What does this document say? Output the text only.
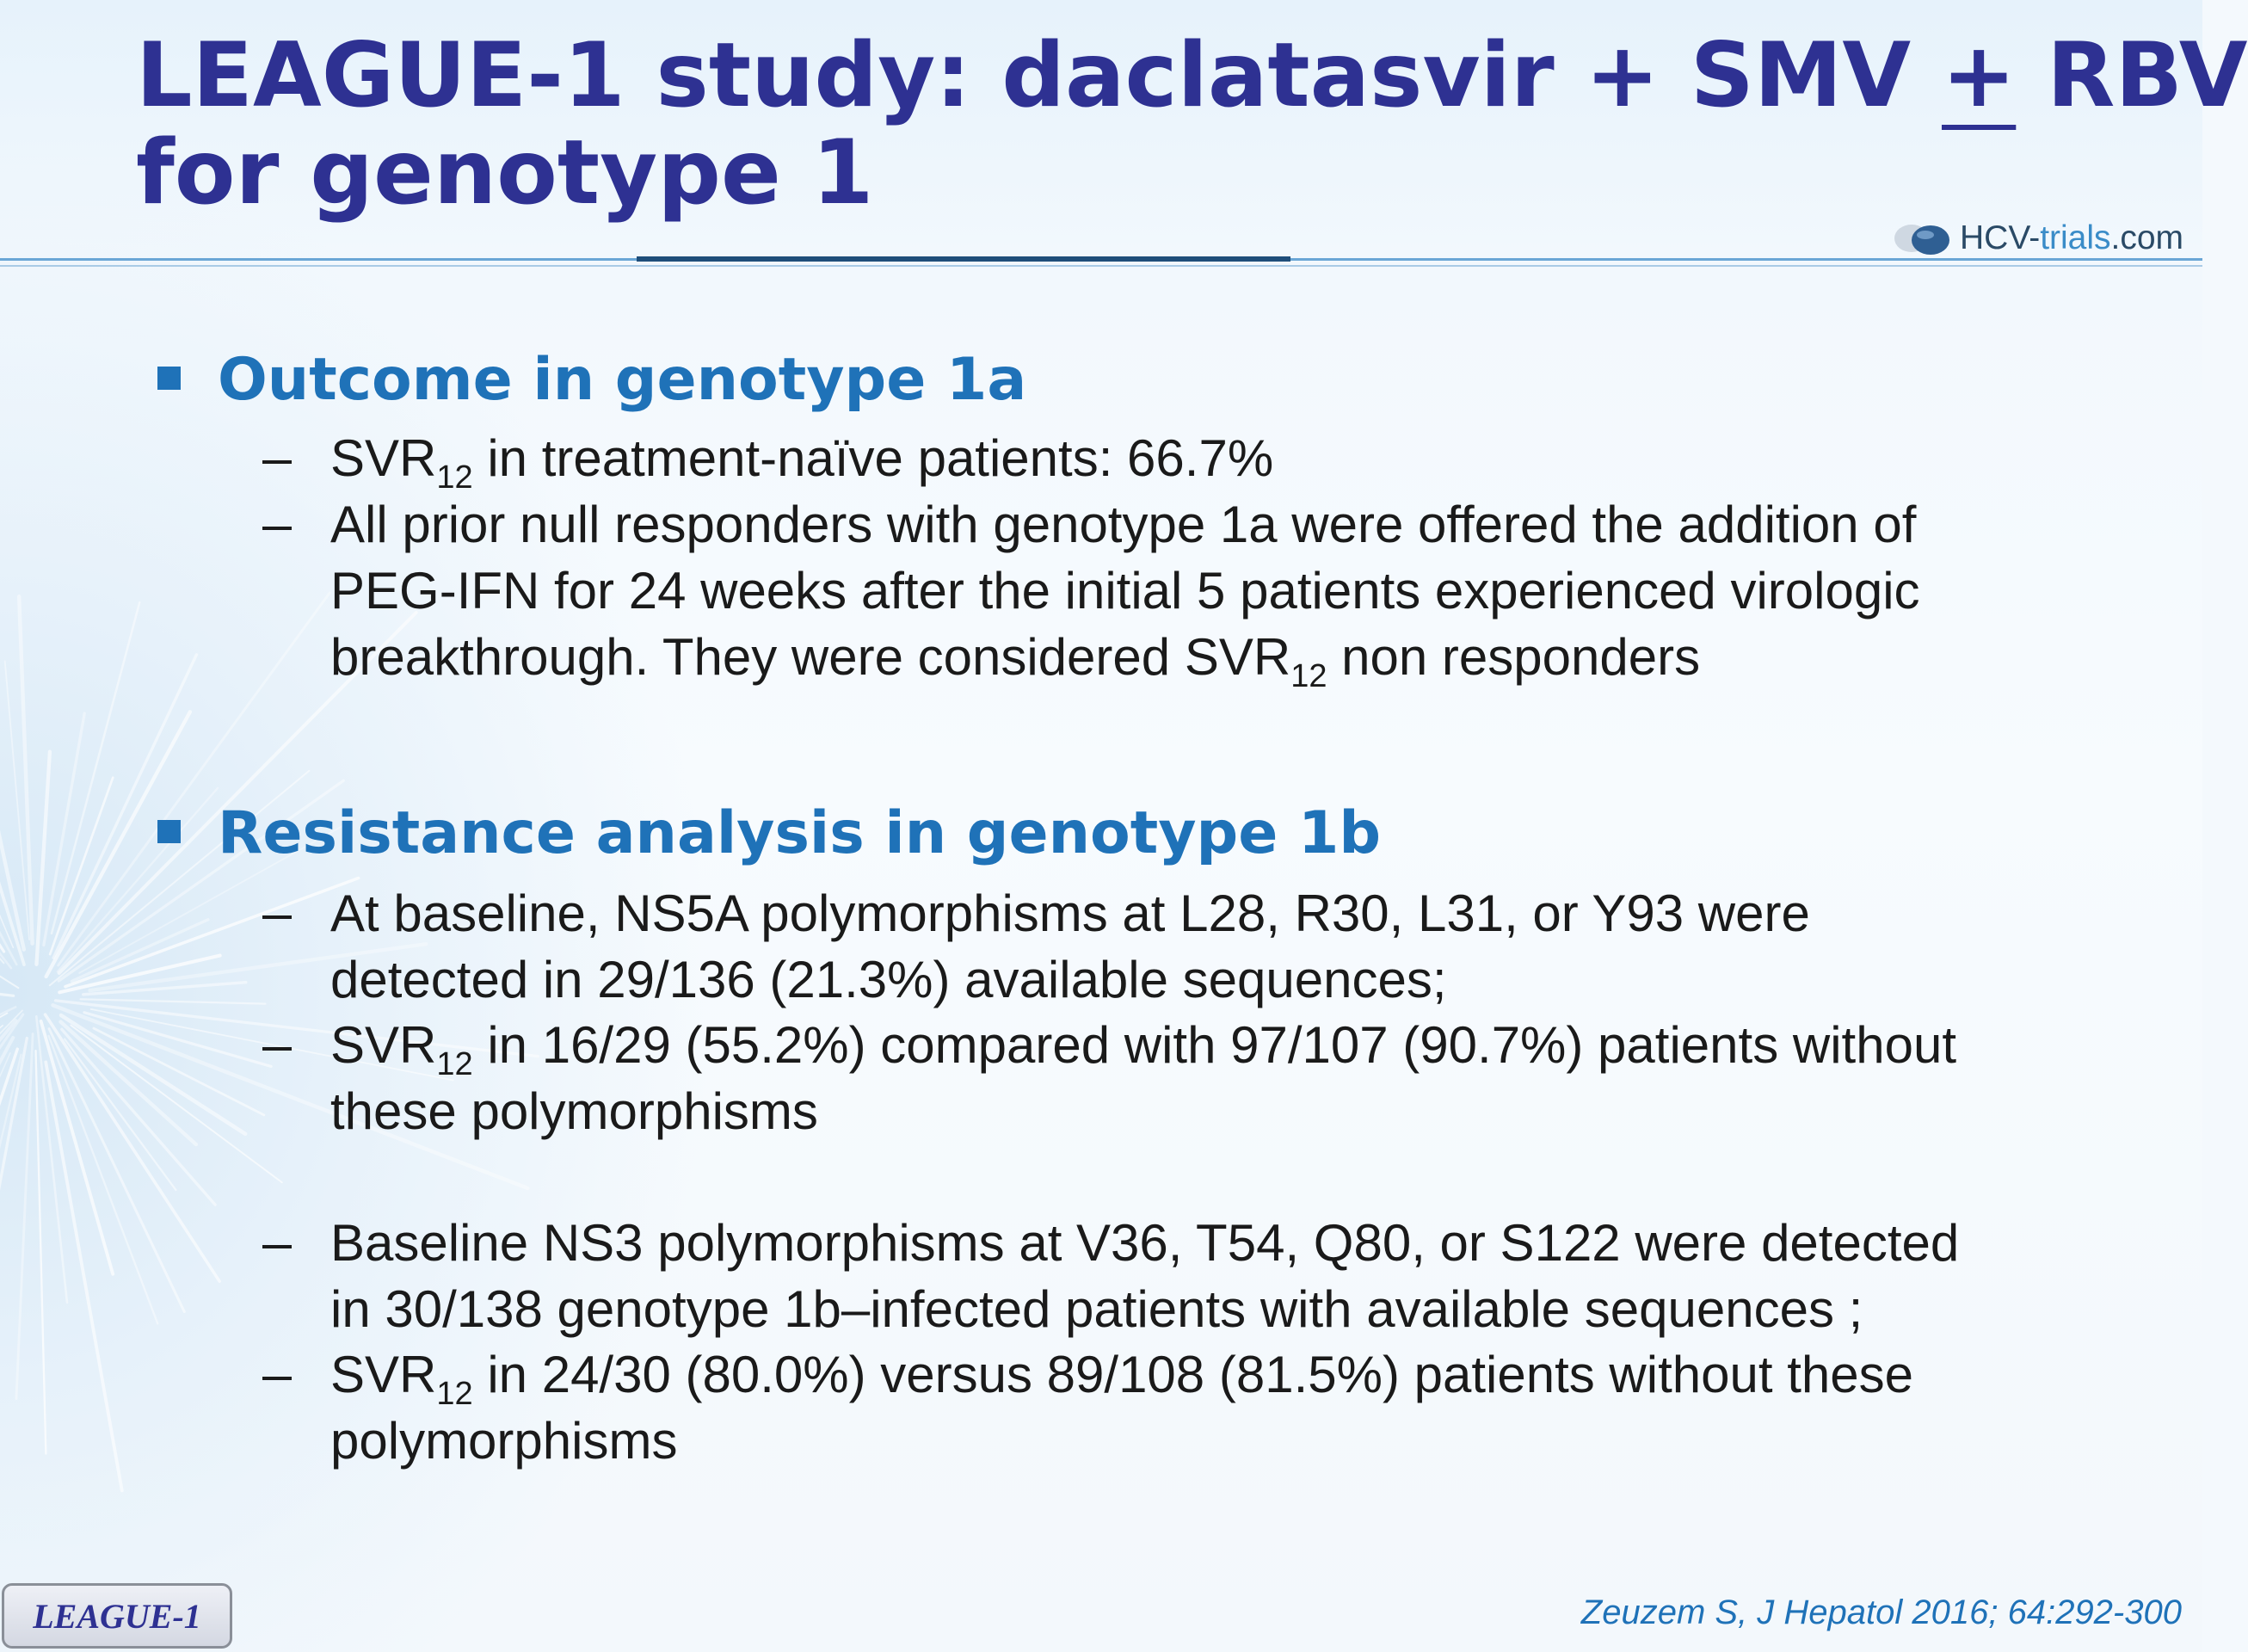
LEAGUE-1 study: daclatasvir + SMV + RBV
for genotype 1
HCV-trials.com
Outcome in genotype 1a

$SVR_{12}$ in treatment-naïve patients: 66.7%

All prior null responders with genotype 1a were offered the addition of
PEG-IFN for 24 weeks after the initial 5 patients experienced virologic
breakthrough. They were considered $SVR_{12}$ non responders

Resistance analysis in genotype 1b

At baseline, NS5A polymorphisms at L28, R30, L31, or Y93 were
detected in 29/136 (21.3%) available sequences;

$SVR_{12}$ in 16/29 (55.2%) compared with 97/107 (90.7%) patients without
these polymorphisms

Baseline NS3 polymorphisms at V36, T54, Q80, or S122 were detected
in 30/138 genotype 1b–infected patients with available sequences ;

$SVR_{12}$ in 24/30 (80.0%) versus 89/108 (81.5%) patients without these
polymorphisms

LEAGUE-1	Zeuzem S, J Hepatol 2016; 64:292-300
